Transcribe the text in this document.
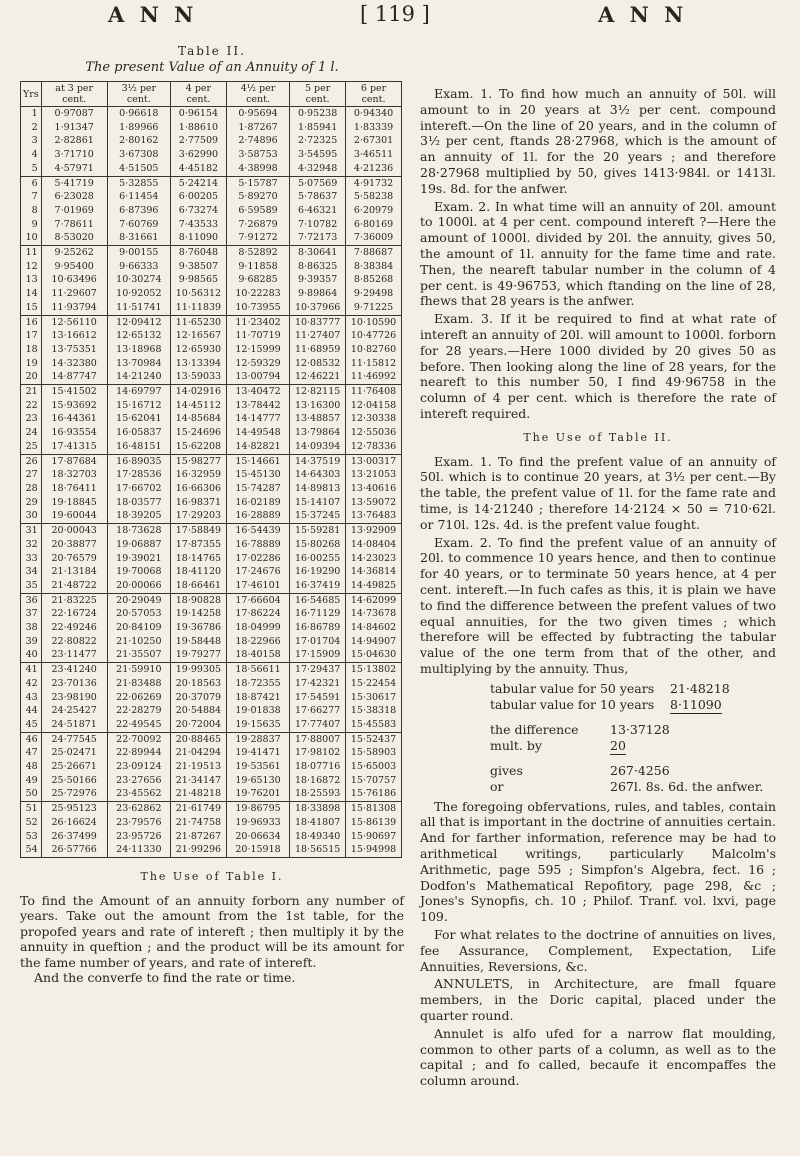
A N N	[ 119 ]	A N N
Table II.
The present Value of an Annuity of 1 l.
Yrs	at 3 per cent.	3½ per cent.	4 per cent.	4½ per cent.	5 per cent.	6 per cent.
1	0·97087	0·96618	0·96154	0·95694	0·95238	0·94340
2	1·91347	1·89966	1·88610	1·87267	1·85941	1·83339
3	2·82861	2·80162	2·77509	2·74896	2·72325	2·67301
4	3·71710	3·67308	3·62990	3·58753	3·54595	3·46511
5	4·57971	4·51505	4·45182	4·38998	4·32948	4·21236
6	5·41719	5·32855	5·24214	5·15787	5·07569	4·91732
7	6·23028	6·11454	6·00205	5·89270	5·78637	5·58238
8	7·01969	6·87396	6·73274	6·59589	6·46321	6·20979
9	7·78611	7·60769	7·43533	7·26879	7·10782	6·80169
10	8·53020	8·31661	8·11090	7·91272	7·72173	7·36009
11	9·25262	9·00155	8·76048	8·52892	8·30641	7·88687
12	9·95400	9·66333	9·38507	9·11858	8·86325	8·38384
13	10·63496	10·30274	9·98565	9·68285	9·39357	8·85268
14	11·29607	10·92052	10·56312	10·22283	9·89864	9·29498
15	11·93794	11·51741	11·11839	10·73955	10·37966	9·71225
16	12·56110	12·09412	11·65230	11·23402	10·83777	10·10590
17	13·16612	12·65132	12·16567	11·70719	11·27407	10·47726
18	13·75351	13·18968	12·65930	12·15999	11·68959	10·82760
19	14·32380	13·70984	13·13394	12·59329	12·08532	11·15812
20	14·87747	14·21240	13·59033	13·00794	12·46221	11·46992
21	15·41502	14·69797	14·02916	13·40472	12·82115	11·76408
22	15·93692	15·16712	14·45112	13·78442	13·16300	12·04158
23	16·44361	15·62041	14·85684	14·14777	13·48857	12·30338
24	16·93554	16·05837	15·24696	14·49548	13·79864	12·55036
25	17·41315	16·48151	15·62208	14·82821	14·09394	12·78336
26	17·87684	16·89035	15·98277	15·14661	14·37519	13·00317
27	18·32703	17·28536	16·32959	15·45130	14·64303	13·21053
28	18·76411	17·66702	16·66306	15·74287	14·89813	13·40616
29	19·18845	18·03577	16·98371	16·02189	15·14107	13·59072
30	19·60044	18·39205	17·29203	16·28889	15·37245	13·76483
31	20·00043	18·73628	17·58849	16·54439	15·59281	13·92909
32	20·38877	19·06887	17·87355	16·78889	15·80268	14·08404
33	20·76579	19·39021	18·14765	17·02286	16·00255	14·23023
34	21·13184	19·70068	18·41120	17·24676	16·19290	14·36814
35	21·48722	20·00066	18·66461	17·46101	16·37419	14·49825
36	21·83225	20·29049	18·90828	17·66604	16·54685	14·62099
37	22·16724	20·57053	19·14258	17·86224	16·71129	14·73678
38	22·49246	20·84109	19·36786	18·04999	16·86789	14·84602
39	22·80822	21·10250	19·58448	18·22966	17·01704	14·94907
40	23·11477	21·35507	19·79277	18·40158	17·15909	15·04630
41	23·41240	21·59910	19·99305	18·56611	17·29437	15·13802
42	23·70136	21·83488	20·18563	18·72355	17·42321	15·22454
43	23·98190	22·06269	20·37079	18·87421	17·54591	15·30617
44	24·25427	22·28279	20·54884	19·01838	17·66277	15·38318
45	24·51871	22·49545	20·72004	19·15635	17·77407	15·45583
46	24·77545	22·70092	20·88465	19·28837	17·88007	15·52437
47	25·02471	22·89944	21·04294	19·41471	17·98102	15·58903
48	25·26671	23·09124	21·19513	19·53561	18·07716	15·65003
49	25·50166	23·27656	21·34147	19·65130	18·16872	15·70757
50	25·72976	23·45562	21·48218	19·76201	18·25593	15·76186
51	25·95123	23·62862	21·61749	19·86795	18·33898	15·81308
52	26·16624	23·79576	21·74758	19·96933	18·41807	15·86139
53	26·37499	23·95726	21·87267	20·06634	18·49340	15·90697
54	26·57766	24·11330	21·99296	20·15918	18·56515	15·94998
The Use of Table I.
To find the Amount of an annuity forborn any number of years. Take out the amount from the 1st table, for the propofed years and rate of intereft ; then multiply it by the annuity in queftion ; and the product will be its amount for the fame number of years, and rate of intereft.
And the converfe to find the rate or time.

Exam. 1. To find how much an annuity of 50l. will amount to in 20 years at 3½ per cent. compound intereft.—On the line of 20 years, and in the column of 3½ per cent, ftands 28·27968, which is the amount of an annuity of 1l. for the 20 years ; and therefore 28·27968 multiplied by 50, gives 1413·984l. or 1413l. 19s. 8d. for the anfwer.

Exam. 2. In what time will an annuity of 20l. amount to 1000l. at 4 per cent. compound intereft ?—Here the amount of 1000l. divided by 20l. the annuity, gives 50, the amount of 1l. annuity for the fame time and rate. Then, the neareft tabular number in the column of 4 per cent. is 49·96753, which ftanding on the line of 28, fhews that 28 years is the anfwer.

Exam. 3. If it be required to find at what rate of intereft an annuity of 20l. will amount to 1000l. forborn for 28 years.—Here 1000 divided by 20 gives 50 as before. Then looking along the line of 28 years, for the neareft to this number 50, I find 49·96758 in the column of 4 per cent. which is therefore the rate of intereft required.

The Use of Table II.

Exam. 1. To find the prefent value of an annuity of 50l. which is to continue 20 years, at 3½ per cent.—By the table, the prefent value of 1l. for the fame rate and time, is 14·21240 ; therefore 14·2124 × 50 = 710·62l. or 710l. 12s. 4d. is the prefent value fought.

Exam. 2. To find the prefent value of an annuity of 20l. to commence 10 years hence, and then to continue for 40 years, or to terminate 50 years hence, at 4 per cent. intereft.—In fuch cafes as this, it is plain we have to find the difference between the prefent values of two equal annuities, for the two given times ; which therefore will be effected by fubtracting the tabular value of the one term from that of the other, and multiplying by the annuity. Thus,

tabular value for 50 years	21·48218
tabular value for 10 years	8·11090
the difference	13·37128
mult. by	20
gives	267·4256
or	267l. 8s. 6d. the anfwer.

The foregoing obfervations, rules, and tables, contain all that is important in the doctrine of annuities certain. And for farther information, reference may be had to arithmetical writings, particularly Malcolm's Arithmetic, page 595 ; Simpfon's Algebra, fect. 16 ; Dodfon's Mathematical Repofitory, page 298, &c ; Jones's Synopfis, ch. 10 ; Philof. Tranf. vol. lxvi, page 109.

For what relates to the doctrine of annuities on lives, fee Assurance, Complement, Expectation, Life Annuities, Reversions, &c.

ANNULETS, in Architecture, are fmall fquare members, in the Doric capital, placed under the quarter round.

Annulet is alfo ufed for a narrow flat moulding, common to other parts of a column, as well as to the capital ; and fo called, becaufe it encompaffes the column around.
